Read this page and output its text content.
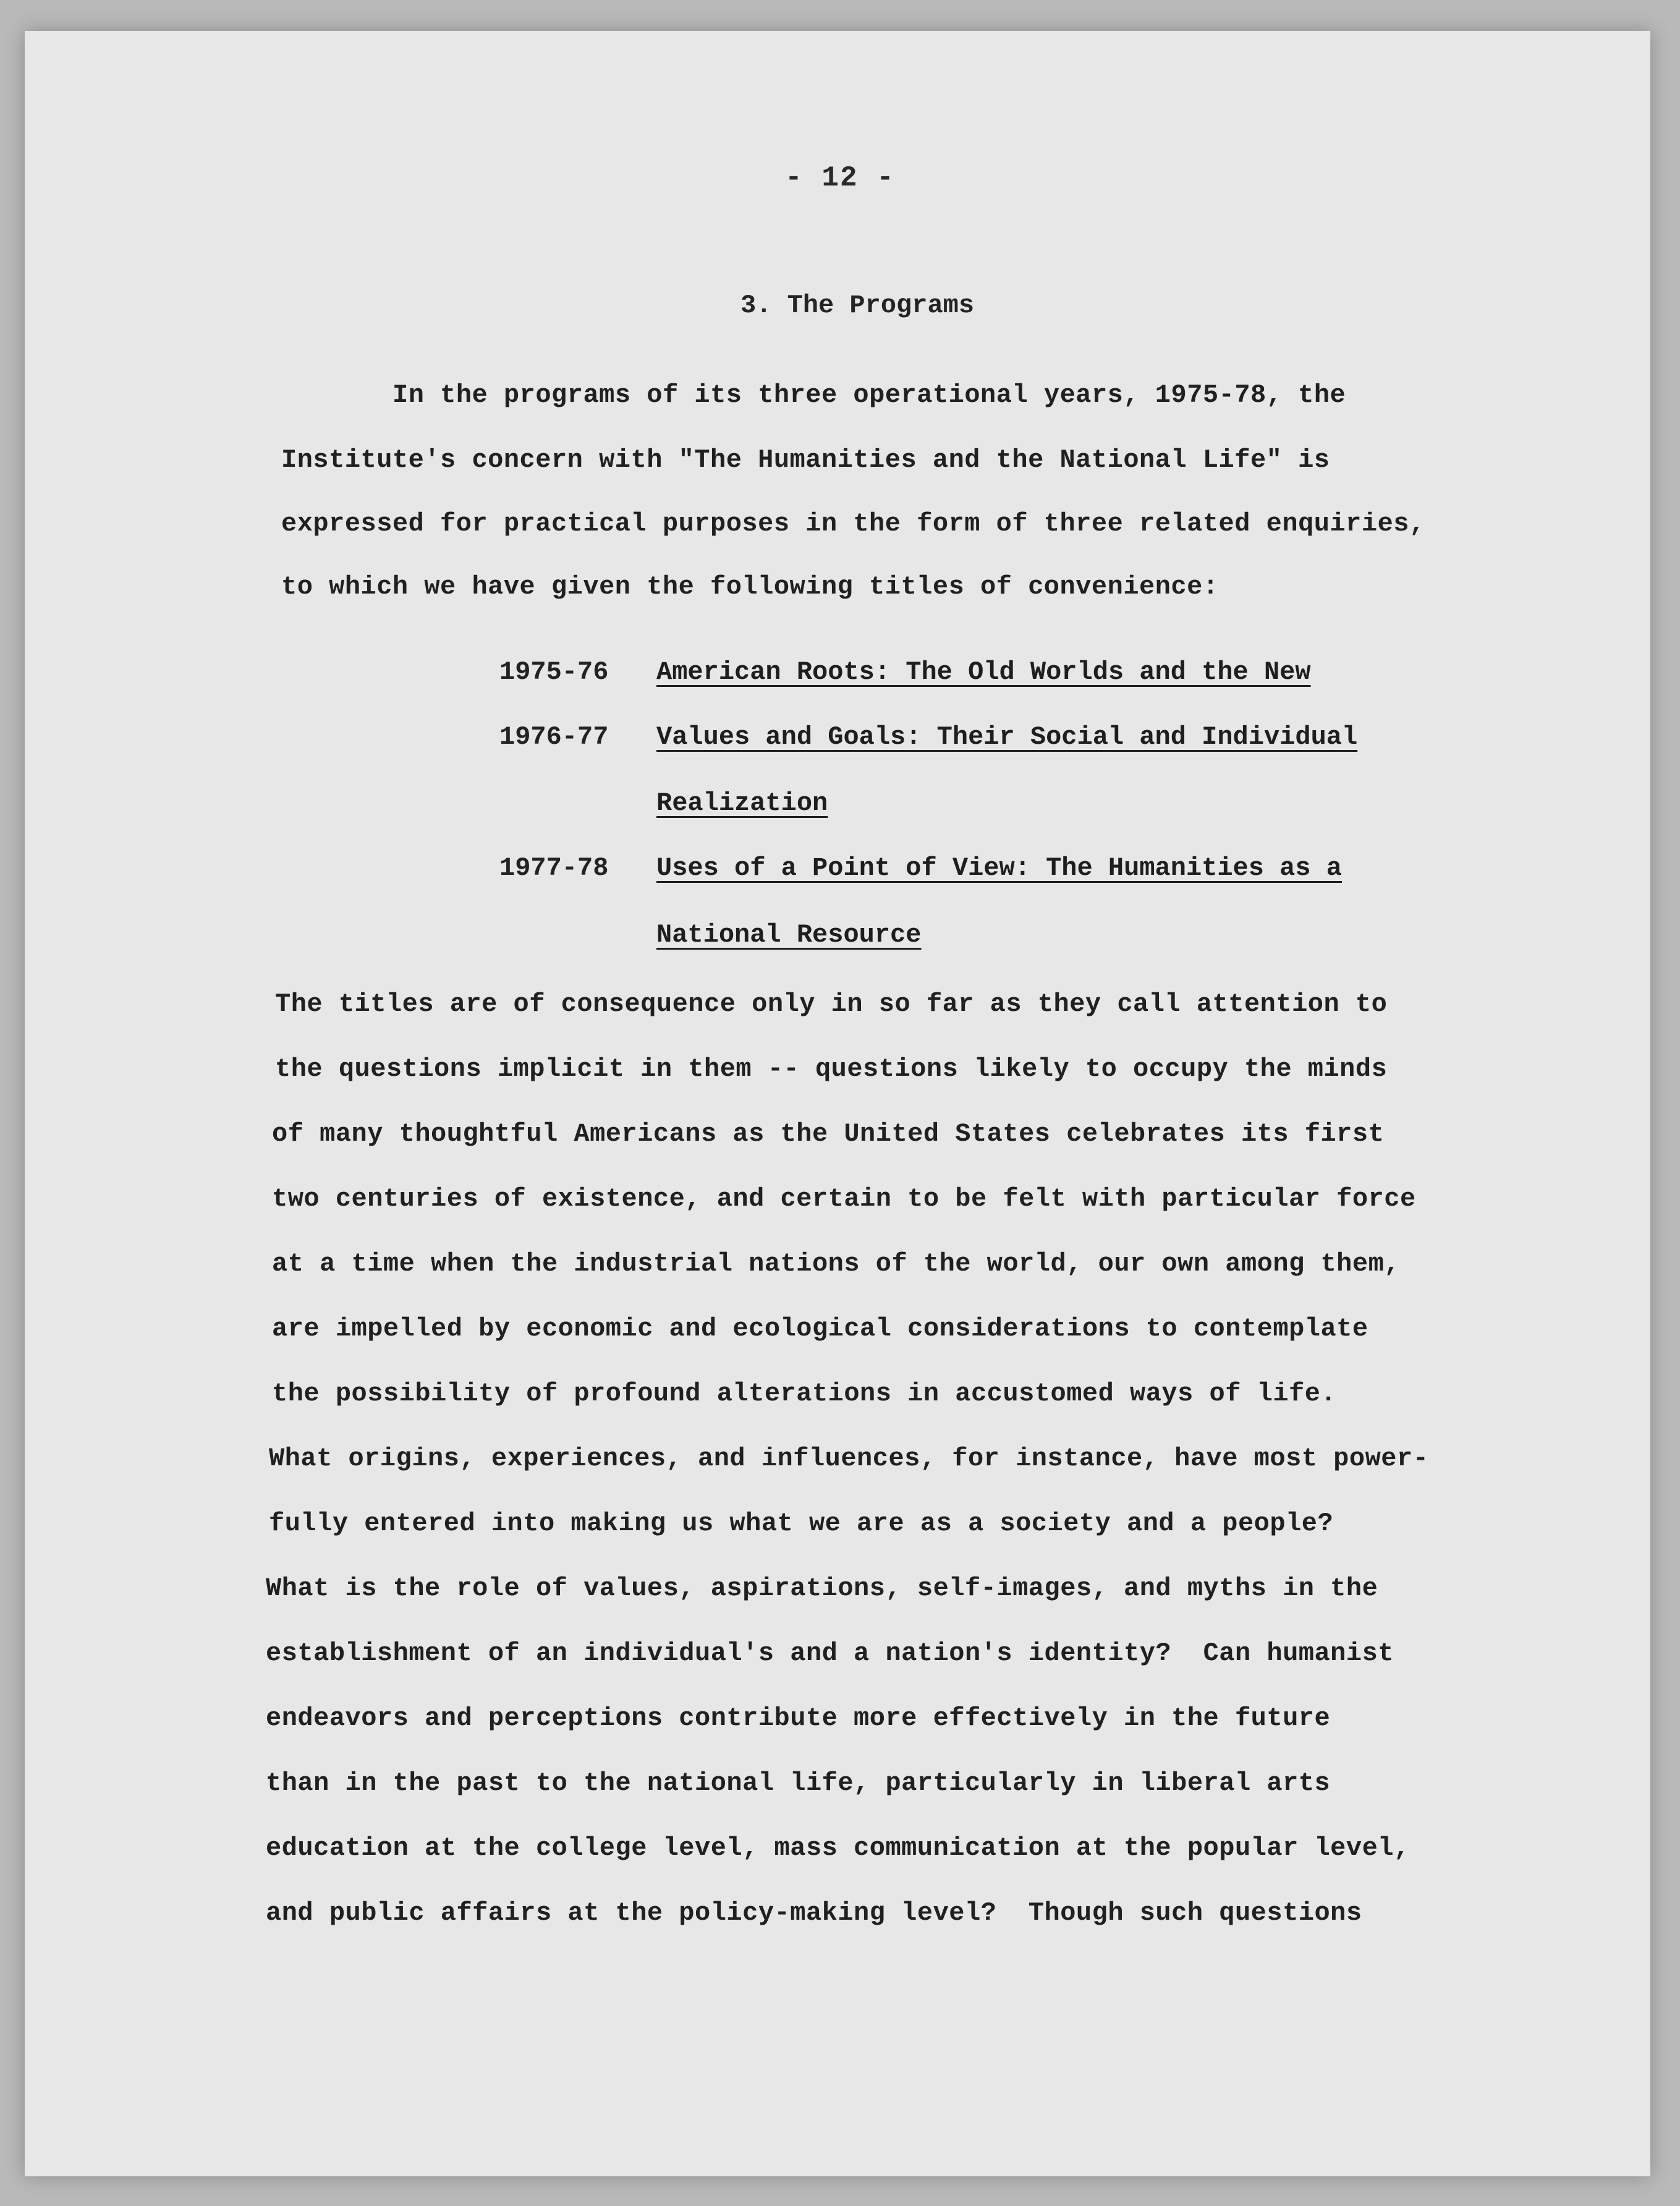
- 12 -
3. The Programs
In the programs of its three operational years, 1975-78, the
Institute's concern with "The Humanities and the National Life" is
expressed for practical purposes in the form of three related enquiries,
to which we have given the following titles of convenience:
1975-76 American Roots: The Old Worlds and the New
1976-77 Values and Goals: Their Social and Individual
Realization
1977-78 Uses of a Point of View: The Humanities as a
National Resource
The titles are of consequence only in so far as they call attention to
the questions implicit in them -- questions likely to occupy the minds
of many thoughtful Americans as the United States celebrates its first
two centuries of existence, and certain to be felt with particular force
at a time when the industrial nations of the world, our own among them,
are impelled by economic and ecological considerations to contemplate
the possibility of profound alterations in accustomed ways of life.
What origins, experiences, and influences, for instance, have most power-
fully entered into making us what we are as a society and a people?
What is the role of values, aspirations, self-images, and myths in the
establishment of an individual's and a nation's identity?  Can humanist
endeavors and perceptions contribute more effectively in the future
than in the past to the national life, particularly in liberal arts
education at the college level, mass communication at the popular level,
and public affairs at the policy-making level?  Though such questions
